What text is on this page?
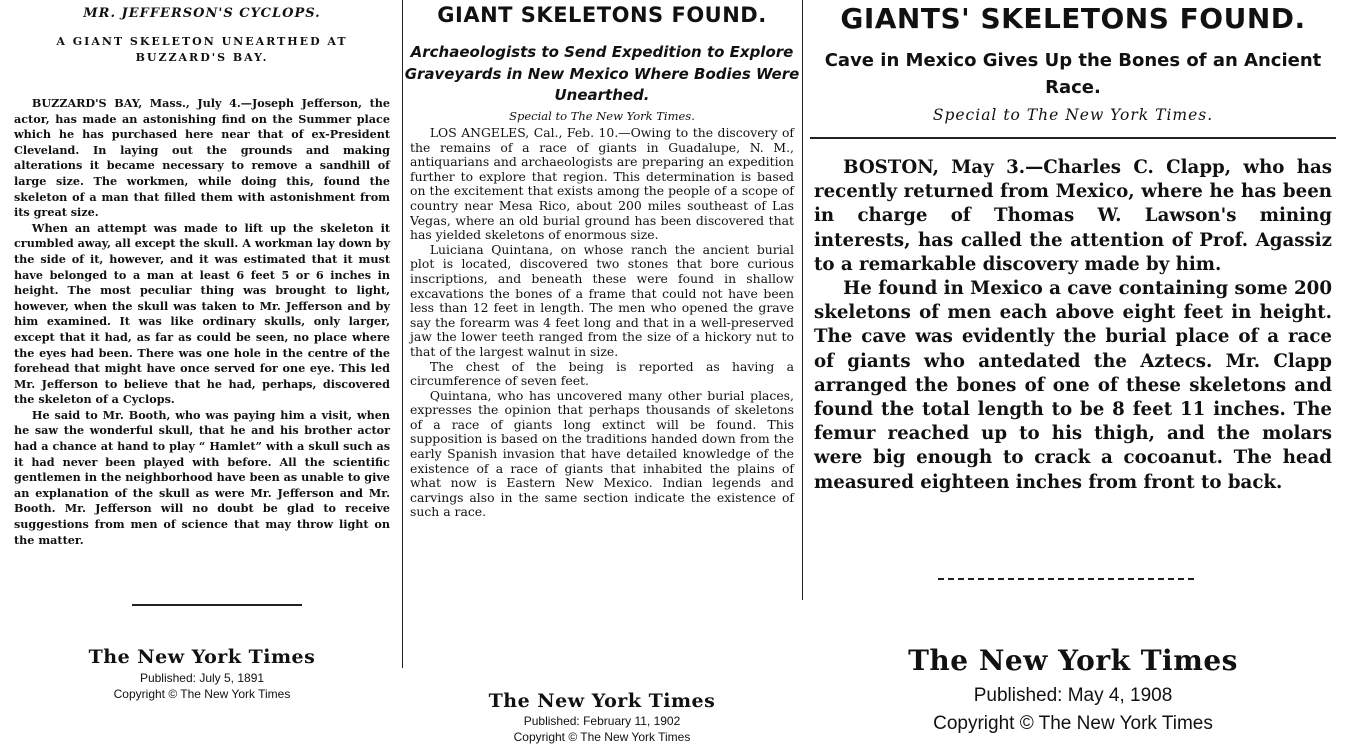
MR. JEFFERSON'S CYCLOPS.
A GIANT SKELETON UNEARTHED AT BUZZARD'S BAY.

BUZZARD'S BAY, Mass., July 4.—Joseph Jefferson, the actor, has made an astonishing find on the Summer place which he has purchased here near that of ex-President Cleveland. In laying out the grounds and making alterations it became necessary to remove a sandhill of large size. The workmen, while doing this, found the skeleton of a man that filled them with astonishment from its great size.

When an attempt was made to lift up the skeleton it crumbled away, all except the skull. A workman lay down by the side of it, however, and it was estimated that it must have belonged to a man at least 6 feet 5 or 6 inches in height. The most peculiar thing was brought to light, however, when the skull was taken to Mr. Jefferson and by him examined. It was like ordinary skulls, only larger, except that it had, as far as could be seen, no place where the eyes had been. There was one hole in the centre of the forehead that might have once served for one eye. This led Mr. Jefferson to believe that he had, perhaps, discovered the skeleton of a Cyclops.

He said to Mr. Booth, who was paying him a visit, when he saw the wonderful skull, that he and his brother actor had a chance at hand to play “ Hamlet” with a skull such as it had never been played with before. All the scientific gentlemen in the neighborhood have been as unable to give an explanation of the skull as were Mr. Jefferson and Mr. Booth. Mr. Jefferson will no doubt be glad to receive suggestions from men of science that may throw light on the matter.

The New York Times
Published: July 5, 1891
Copyright © The New York Times
GIANT SKELETONS FOUND.
Archaeologists to Send Expedition to Explore Graveyards in New Mexico Where Bodies Were Unearthed.
Special to The New York Times.

LOS ANGELES, Cal., Feb. 10.—Owing to the discovery of the remains of a race of giants in Guadalupe, N. M., antiquarians and archaeologists are preparing an expedition further to explore that region. This determination is based on the excitement that exists among the people of a scope of country near Mesa Rico, about 200 miles southeast of Las Vegas, where an old burial ground has been discovered that has yielded skeletons of enormous size.

Luiciana Quintana, on whose ranch the ancient burial plot is located, discovered two stones that bore curious inscriptions, and beneath these were found in shallow excavations the bones of a frame that could not have been less than 12 feet in length. The men who opened the grave say the forearm was 4 feet long and that in a well-preserved jaw the lower teeth ranged from the size of a hickory nut to that of the largest walnut in size.

The chest of the being is reported as having a circumference of seven feet.

Quintana, who has uncovered many other burial places, expresses the opinion that perhaps thousands of skeletons of a race of giants long extinct will be found. This supposition is based on the traditions handed down from the early Spanish invasion that have detailed knowledge of the existence of a race of giants that inhabited the plains of what now is Eastern New Mexico. Indian legends and carvings also in the same section indicate the existence of such a race.

The New York Times
Published: February 11, 1902
Copyright © The New York Times
GIANTS' SKELETONS FOUND.
Cave in Mexico Gives Up the Bones of an Ancient Race.
Special to The New York Times.

BOSTON, May 3.—Charles C. Clapp, who has recently returned from Mexico, where he has been in charge of Thomas W. Lawson's mining interests, has called the attention of Prof. Agassiz to a remarkable discovery made by him.

He found in Mexico a cave containing some 200 skeletons of men each above eight feet in height. The cave was evidently the burial place of a race of giants who antedated the Aztecs. Mr. Clapp arranged the bones of one of these skeletons and found the total length to be 8 feet 11 inches. The femur reached up to his thigh, and the molars were big enough to crack a cocoanut. The head measured eighteen inches from front to back.

The New York Times
Published: May 4, 1908
Copyright © The New York Times
